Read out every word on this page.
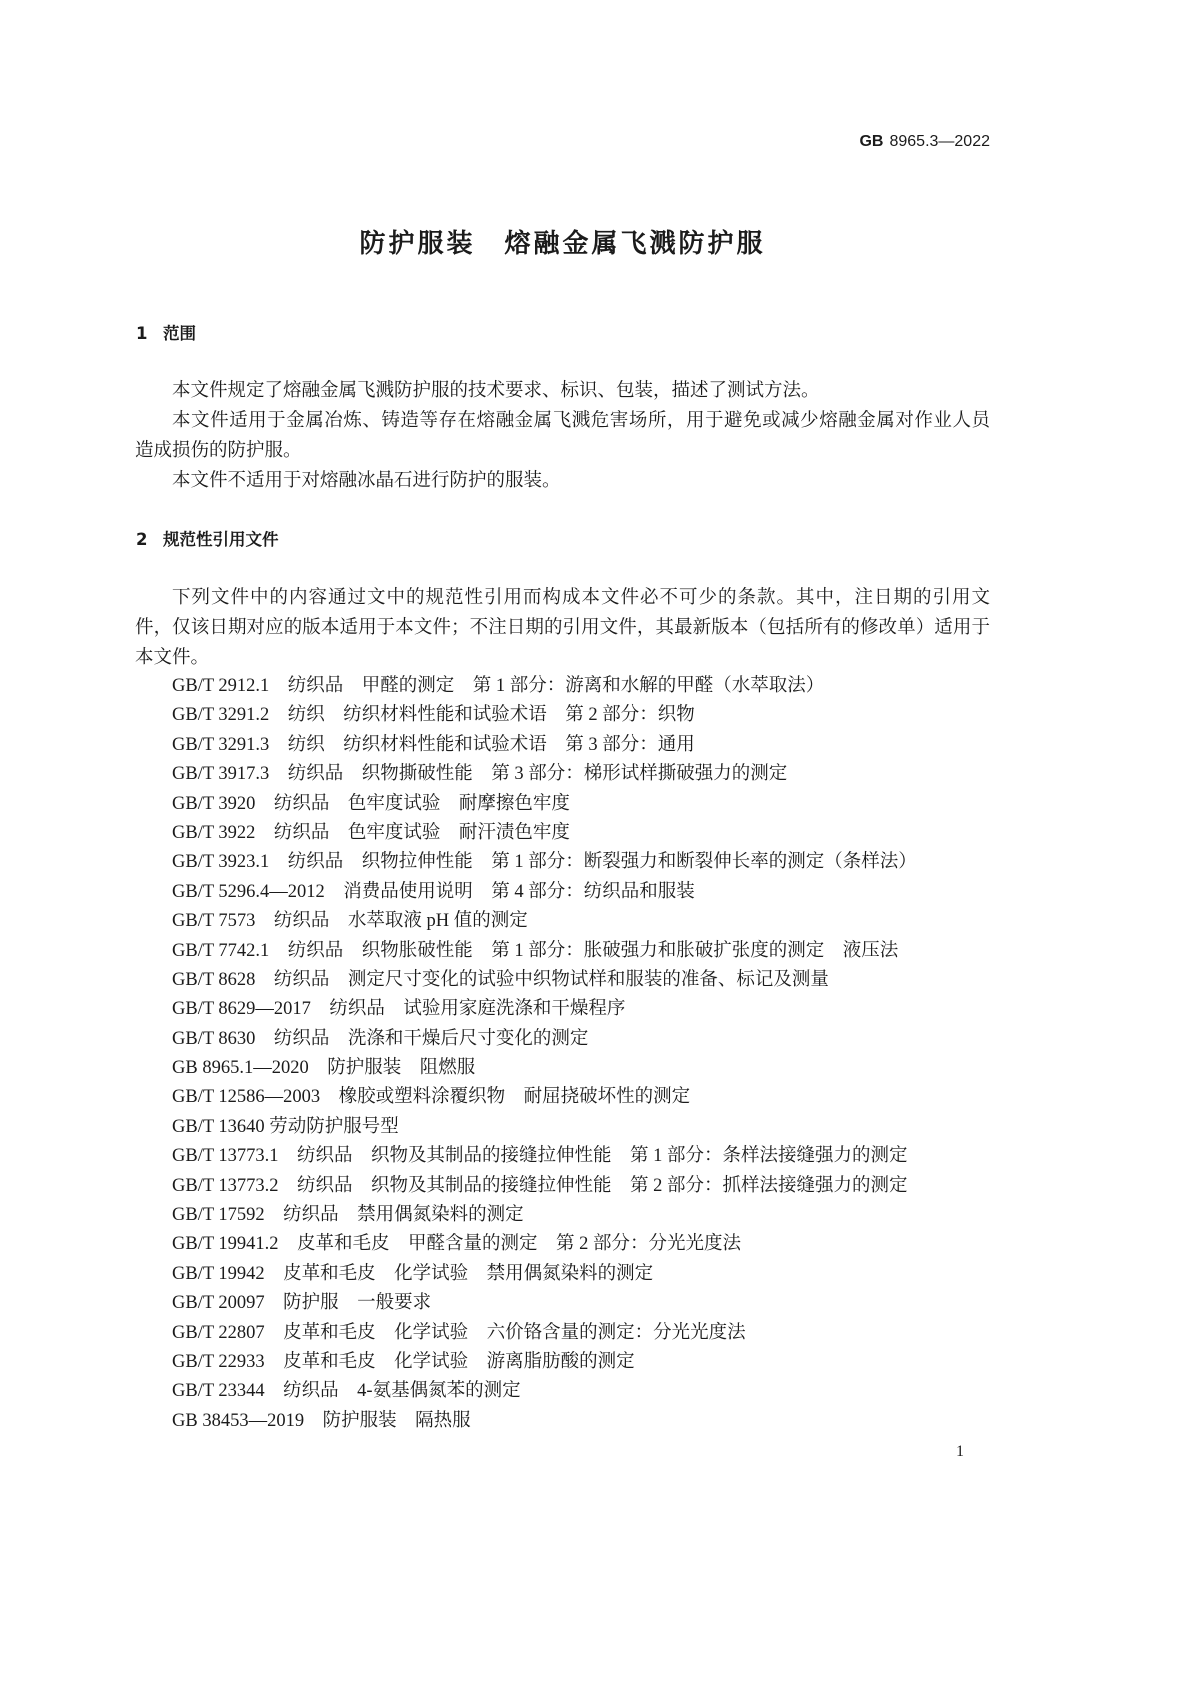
GB 8965.3—2022
防护服装　熔融金属飞溅防护服
1 范围
本文件规定了熔融金属飞溅防护服的技术要求、标识、包装，描述了测试方法。
本文件适用于金属冶炼、铸造等存在熔融金属飞溅危害场所，用于避免或减少熔融金属对作业人员
造成损伤的防护服。
本文件不适用于对熔融冰晶石进行防护的服装。
2 规范性引用文件
下列文件中的内容通过文中的规范性引用而构成本文件必不可少的条款。其中，注日期的引用文
件，仅该日期对应的版本适用于本文件；不注日期的引用文件，其最新版本（包括所有的修改单）适用于
本文件。
GB/T 2912.1　纺织品　甲醛的测定　第 1 部分：游离和水解的甲醛（水萃取法）
GB/T 3291.2　纺织　纺织材料性能和试验术语　第 2 部分：织物
GB/T 3291.3　纺织　纺织材料性能和试验术语　第 3 部分：通用
GB/T 3917.3　纺织品　织物撕破性能　第 3 部分：梯形试样撕破强力的测定
GB/T 3920　纺织品　色牢度试验　耐摩擦色牢度
GB/T 3922　纺织品　色牢度试验　耐汗渍色牢度
GB/T 3923.1　纺织品　织物拉伸性能　第 1 部分：断裂强力和断裂伸长率的测定（条样法）
GB/T 5296.4—2012　消费品使用说明　第 4 部分：纺织品和服装
GB/T 7573　纺织品　水萃取液 pH 值的测定
GB/T 7742.1　纺织品　织物胀破性能　第 1 部分：胀破强力和胀破扩张度的测定　液压法
GB/T 8628　纺织品　测定尺寸变化的试验中织物试样和服装的准备、标记及测量
GB/T 8629—2017　纺织品　试验用家庭洗涤和干燥程序
GB/T 8630　纺织品　洗涤和干燥后尺寸变化的测定
GB 8965.1—2020　防护服装　阻燃服
GB/T 12586—2003　橡胶或塑料涂覆织物　耐屈挠破坏性的测定
GB/T 13640 劳动防护服号型
GB/T 13773.1　纺织品　织物及其制品的接缝拉伸性能　第 1 部分：条样法接缝强力的测定
GB/T 13773.2　纺织品　织物及其制品的接缝拉伸性能　第 2 部分：抓样法接缝强力的测定
GB/T 17592　纺织品　禁用偶氮染料的测定
GB/T 19941.2　皮革和毛皮　甲醛含量的测定　第 2 部分：分光光度法
GB/T 19942　皮革和毛皮　化学试验　禁用偶氮染料的测定
GB/T 20097　防护服　一般要求
GB/T 22807　皮革和毛皮　化学试验　六价铬含量的测定：分光光度法
GB/T 22933　皮革和毛皮　化学试验　游离脂肪酸的测定
GB/T 23344　纺织品　4-氨基偶氮苯的测定
GB 38453—2019　防护服装　隔热服
1
